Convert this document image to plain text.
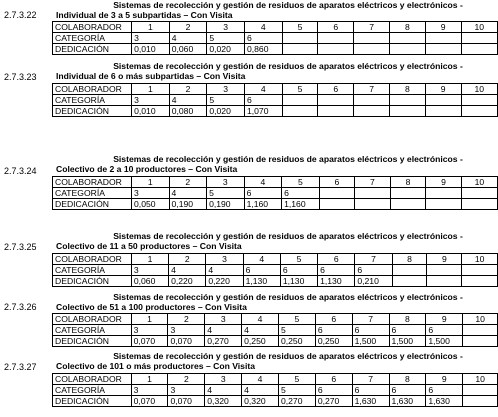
2.7.3.22
Sistemas de recolección y gestión de residuos de aparatos eléctricos y electrónicos -
Individual de 3 a 5 subpartidas – Con Visita
COLABORADOR	1	2	3	4	5	6	7	8	9	10
CATEGORÍA	3	4	5	6						
DEDICACIÓN	0,010	0,060	0,020	0,860						
2.7.3.23
Sistemas de recolección y gestión de residuos de aparatos eléctricos y electrónicos -
Individual de 6 o más subpartidas – Con Visita
COLABORADOR	1	2	3	4	5	6	7	8	9	10
CATEGORÍA	3	4	5	6						
DEDICACIÓN	0,010	0,080	0,020	1,070						
2.7.3.24
Sistemas de recolección y gestión de residuos de aparatos eléctricos y electrónicos -
Colectivo de 2 a 10 productores – Con Visita
COLABORADOR	1	2	3	4	5	6	7	8	9	10
CATEGORÍA	3	4	5	6	6					
DEDICACIÓN	0,050	0,190	0,190	1,160	1,160					
2.7.3.25
Sistemas de recolección y gestión de residuos de aparatos eléctricos y electrónicos -
Colectivo de 11 a 50 productores – Con Visita
COLABORADOR	1	2	3	4	5	6	7	8	9	10
CATEGORÍA	3	4	4	6	6	6	6			
DEDICACIÓN	0,060	0,220	0,220	1,130	1,130	1,130	0,210			
2.7.3.26
Sistemas de recolección y gestión de residuos de aparatos eléctricos y electrónicos -
Colectivo de 51 a 100 productores – Con Visita
COLABORADOR	1	2	3	4	5	6	7	8	9	10
CATEGORÍA	3	3	4	4	5	6	6	6	6	
DEDICACIÓN	0,070	0,070	0,270	0,250	0,250	0,250	1,500	1,500	1,500	
2.7.3.27
Sistemas de recolección y gestión de residuos de aparatos eléctricos y electrónicos -
Colectivo de 101 o más productores – Con Visita
COLABORADOR	1	2	3	4	5	6	7	8	9	10
CATEGORÍA	3	3	4	4	5	6	6	6	6	
DEDICACIÓN	0,070	0,070	0,320	0,320	0,270	0,270	1,630	1,630	1,630	
